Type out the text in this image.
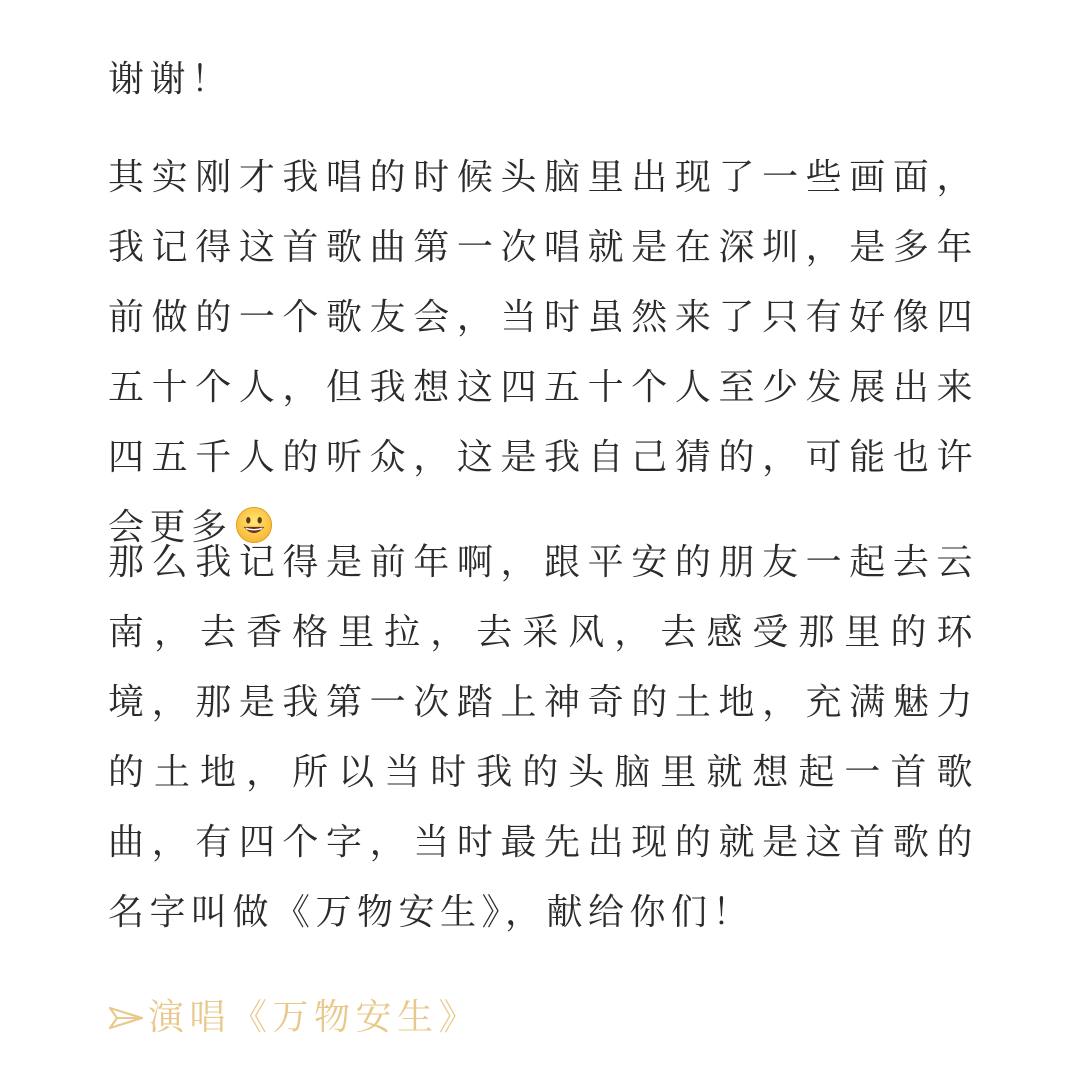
谢谢！

其实刚才我唱的时候头脑里出现了一些画面，我记得这首歌曲第一次唱就是在深圳，是多年前做的一个歌友会，当时虽然来了只有好像四五十个人，但我想这四五十个人至少发展出来四五千人的听众，这是我自己猜的，可能也许会更多

那么我记得是前年啊，跟平安的朋友一起去云南，去香格里拉，去采风，去感受那里的环境，那是我第一次踏上神奇的土地，充满魅力的土地，所以当时我的头脑里就想起一首歌曲，有四个字，当时最先出现的就是这首歌的名字叫做《万物安生》，献给你们！

演唱《万物安生》
